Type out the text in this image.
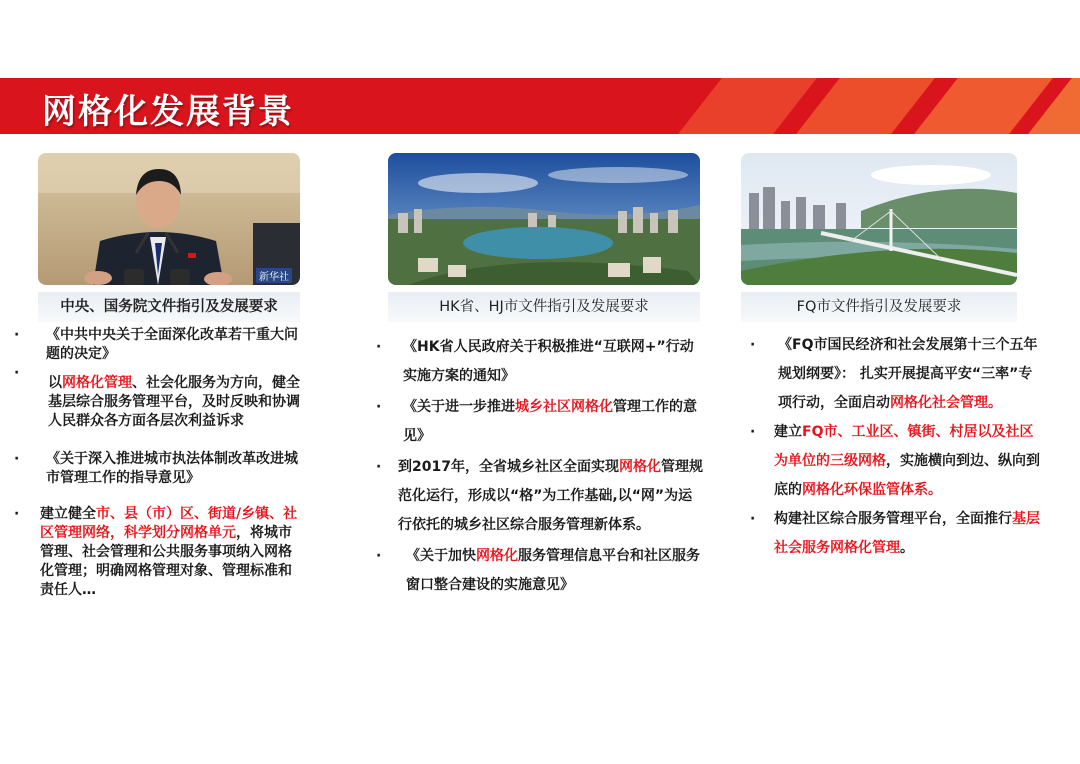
网格化发展背景
新华社
中央、国务院文件指引及发展要求	HK省、HJ市文件指引及发展要求	FQ市文件指引及发展要求
· 《中共中央关于全面深化改革若干重大问题的决定》
·
以网格化管理、社会化服务为方向，健全基层综合服务管理平台，及时反映和协调人民群众各方面各层次利益诉求
· 《关于深入推进城市执法体制改革改进城市管理工作的指导意见》
· 建立健全市、县（市）区、街道/乡镇、社区管理网络，科学划分网格单元，将城市管理、社会管理和公共服务事项纳入网格化管理；明确网格管理对象、管理标准和责任人…
· 《HK省人民政府关于积极推进“互联网+”行动实施方案的通知》
· 《关于进一步推进城乡社区网格化管理工作的意见》
· 到2017年，全省城乡社区全面实现网格化管理规范化运行，形成以“格”为工作基础,以“网”为运行依托的城乡社区综合服务管理新体系。
· 《关于加快网格化服务管理信息平台和社区服务窗口整合建设的实施意见》
· 《FQ市国民经济和社会发展第十三个五年规划纲要》： 扎实开展提高平安“三率”专项行动，全面启动网格化社会管理。
· 建立FQ市、工业区、镇街、村居以及社区为单位的三级网格，实施横向到边、纵向到底的网格化环保监管体系。
· 构建社区综合服务管理平台，全面推行基层社会服务网格化管理。
